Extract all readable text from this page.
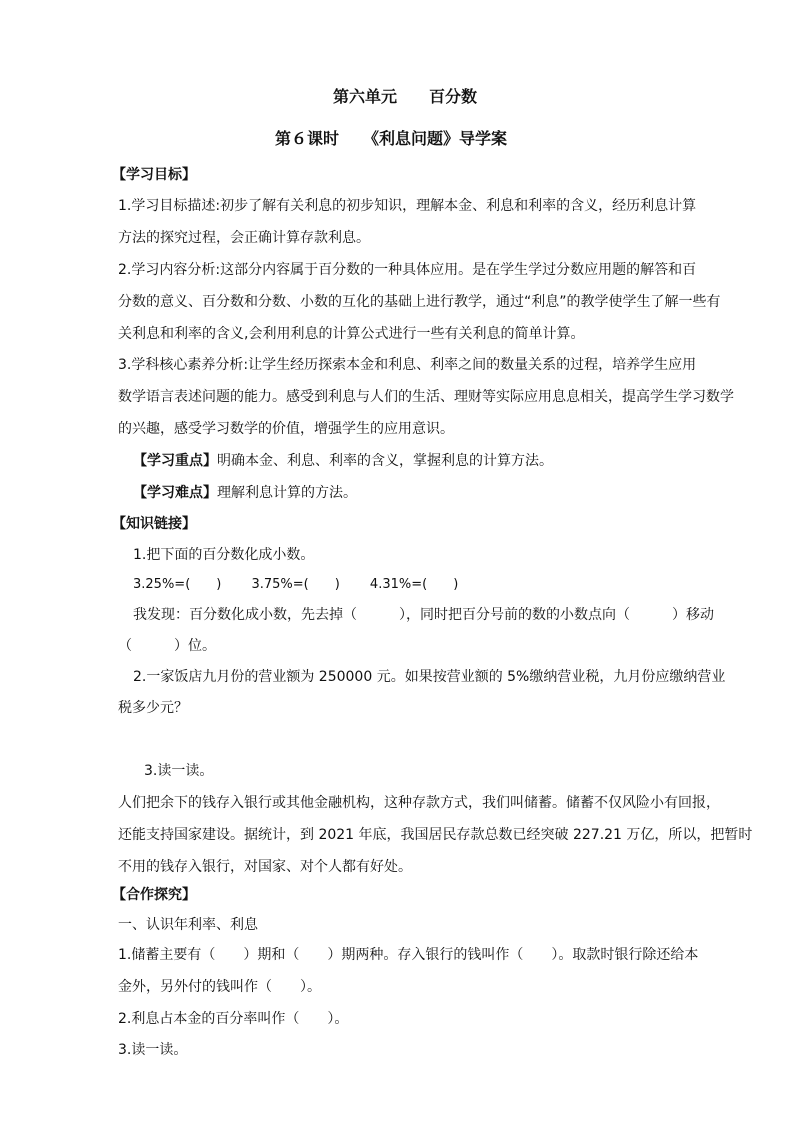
第六单元　　百分数
第６课时　　《利息问题》导学案
【学习目标】
1.学习目标描述:初步了解有关利息的初步知识，理解本金、利息和利率的含义，经历利息计算
方法的探究过程，会正确计算存款利息。
2.学习内容分析:这部分内容属于百分数的一种具体应用。是在学生学过分数应用题的解答和百
分数的意义、百分数和分数、小数的互化的基础上进行教学，通过“利息”的教学使学生了解一些有
关利息和利率的含义,会利用利息的计算公式进行一些有关利息的简单计算。
3.学科核心素养分析:让学生经历探索本金和利息、利率之间的数量关系的过程，培养学生应用
数学语言表述问题的能力。感受到利息与人们的生活、理财等实际应用息息相关，提高学生学习数学
的兴趣，感受学习数学的价值，增强学生的应用意识。
【学习重点】明确本金、利息、利率的含义，掌握利息的计算方法。
【学习难点】理解利息计算的方法。
【知识链接】
1.把下面的百分数化成小数。
3.25%=(　　)　　 3.75%=(　　)　　 4.31%=(　　)
我发现：百分数化成小数，先去掉（　　　），同时把百分号前的数的小数点向（　　　）移动
（　　　）位。
2.一家饭店九月份的营业额为 250000 元。如果按营业额的 5%缴纳营业税，九月份应缴纳营业
税多少元？
3.读一读。
人们把余下的钱存入银行或其他金融机构，这种存款方式，我们叫储蓄。储蓄不仅风险小有回报，
还能支持国家建设。据统计，到 2021 年底，我国居民存款总数已经突破 227.21 万亿，所以，把暂时
不用的钱存入银行，对国家、对个人都有好处。
【合作探究】
一、认识年利率、利息
1.储蓄主要有（　　）期和（　　）期两种。存入银行的钱叫作（　　）。取款时银行除还给本
金外，另外付的钱叫作（　　）。
2.利息占本金的百分率叫作（　　）。
3.读一读。
